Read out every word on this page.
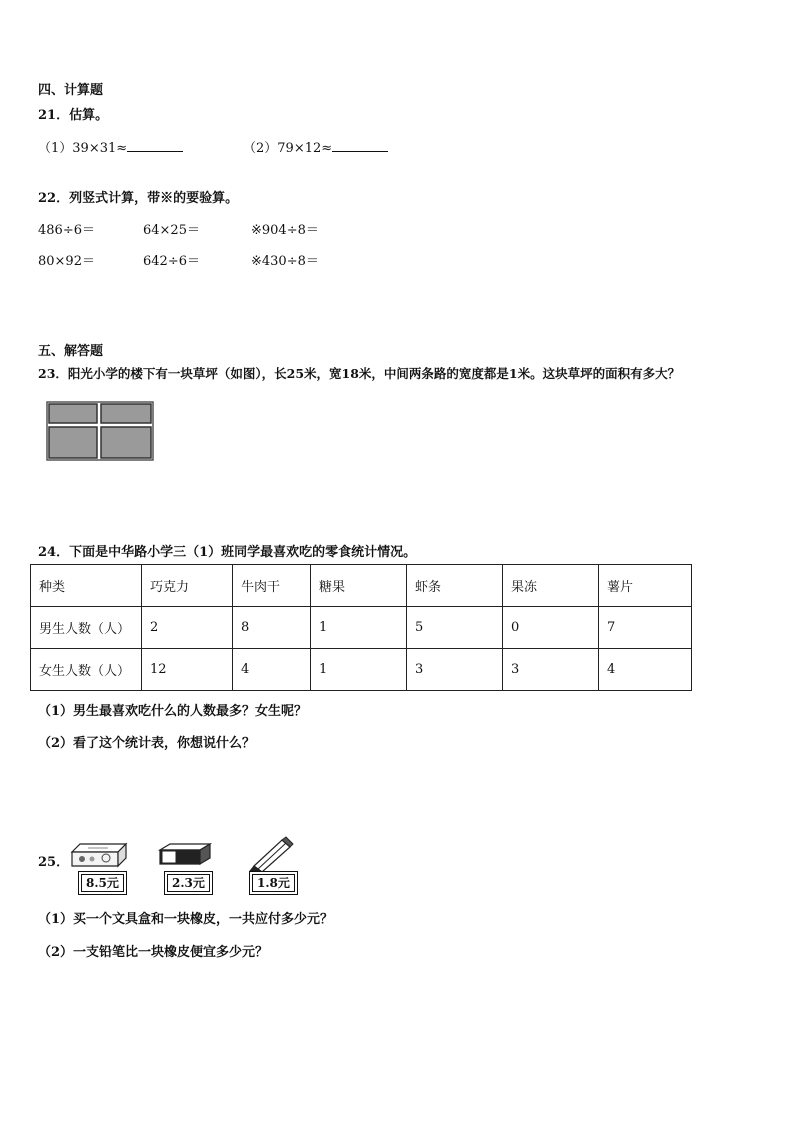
四、计算题
21．估算。
（1）39×31≈	（2）79×12≈
22．列竖式计算，带※的要验算。
486÷6＝	64×25＝	※904÷8＝
80×92＝	642÷6＝	※430÷8＝
五、解答题
23．阳光小学的楼下有一块草坪（如图），长25米，宽18米，中间两条路的宽度都是1米。这块草坪的面积有多大？
24．下面是中华路小学三（1）班同学最喜欢吃的零食统计情况。
种类	巧克力	牛肉干	糖果	虾条	果冻	薯片
男生人数（人）	2	8	1	5	0	7
女生人数（人）	12	4	1	3	3	4
（1）男生最喜欢吃什么的人数最多？女生呢？
（2）看了这个统计表，你想说什么？
25．
8.5元	2.3元	1.8元
（1）买一个文具盒和一块橡皮，一共应付多少元？
（2）一支铅笔比一块橡皮便宜多少元？
